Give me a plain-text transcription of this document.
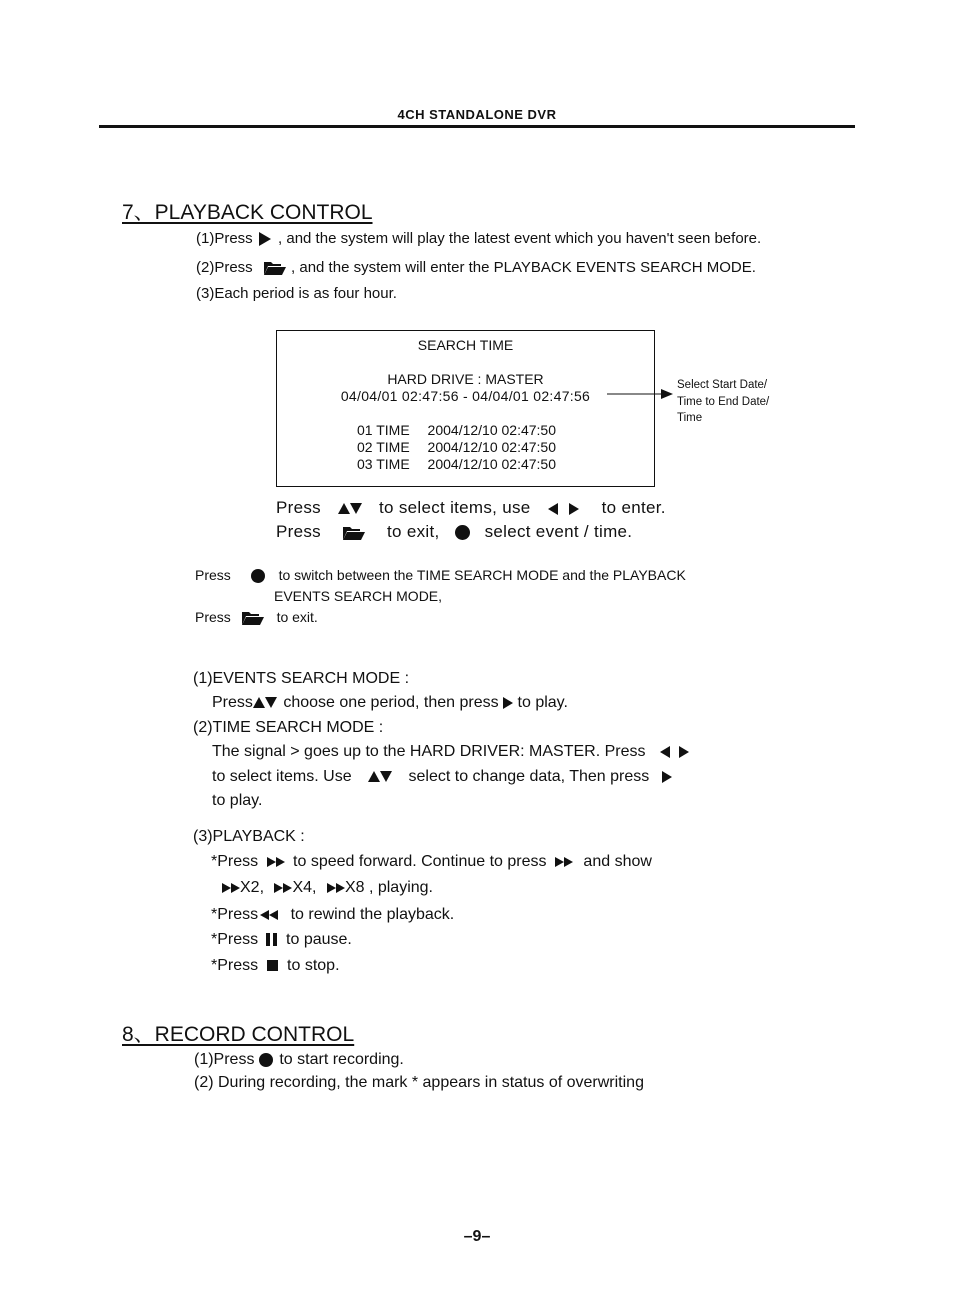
4CH STANDALONE DVR
7、PLAYBACK CONTROL
(1)Press , and the system will play the latest event which you haven't seen before.
(2)Press	, and the system will enter the PLAYBACK EVENTS SEARCH MODE.
(3)Each period is as four hour.
SEARCH TIME
HARD DRIVE : MASTER
04/04/01 02:47:56 - 04/04/01 02:47:56
01 TIME 2004/12/10 02:47:50
02 TIME 2004/12/10 02:47:50
03 TIME 2004/12/10 02:47:50
Select Start Date/
Time to End Date/
Time
Press	to select items, use	to enter.
Press	to exit,	select event / time.
Press	to switch between the TIME SEARCH MODE and the PLAYBACK
EVENTS SEARCH MODE,
Press	to exit.
(1)EVENTS SEARCH MODE :
Press choose one period, then press to play.
(2)TIME SEARCH MODE :
The signal > goes up to the HARD DRIVER: MASTER. Press
to select items. Use	select to change data, Then press
to play.
(3)PLAYBACK :
*Press to speed forward. Continue to press and show
X2, X4, X8 , playing.
*Press to rewind the playback.
*Press to pause.
*Press to stop.
8、RECORD CONTROL
(1)Press to start recording.
(2) During recording, the mark * appears in status of overwriting
–9–
